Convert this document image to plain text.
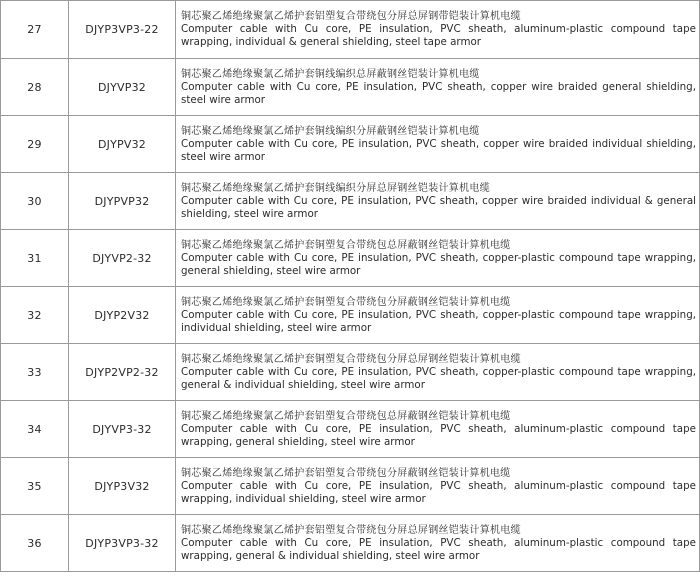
27	DJYP3VP3-22	铜芯聚乙烯绝缘聚氯乙烯护套铝塑复合带绕包分屏总屏钢带铠装计算机电缆
Computer cable with Cu core, PE insulation, PVC sheath, aluminum-plastic compound tape wrapping, individual & general shielding, steel tape armor

28	DJYVP32	铜芯聚乙烯绝缘聚氯乙烯护套铜线编织总屏蔽钢丝铠装计算机电缆
Computer cable with Cu core, PE insulation, PVC sheath, copper wire braided general shielding, steel wire armor

29	DJYPV32	铜芯聚乙烯绝缘聚氯乙烯护套铜线编织分屏蔽钢丝铠装计算机电缆
Computer cable with Cu core, PE insulation, PVC sheath, copper wire braided individual shielding, steel wire armor

30	DJYPVP32	铜芯聚乙烯绝缘聚氯乙烯护套铜线编织分屏总屏钢丝铠装计算机电缆
Computer cable with Cu core, PE insulation, PVC sheath, copper wire braided individual & general shielding, steel wire armor

31	DJYVP2-32	铜芯聚乙烯绝缘聚氯乙烯护套铜塑复合带绕包总屏蔽钢丝铠装计算机电缆
Computer cable with Cu core, PE insulation, PVC sheath, copper-plastic compound tape wrapping, general shielding, steel wire armor

32	DJYP2V32	铜芯聚乙烯绝缘聚氯乙烯护套铜塑复合带绕包分屏蔽钢丝铠装计算机电缆
Computer cable with Cu core, PE insulation, PVC sheath, copper-plastic compound tape wrapping, individual shielding, steel wire armor

33	DJYP2VP2-32	铜芯聚乙烯绝缘聚氯乙烯护套铜塑复合带绕包分屏总屏钢丝铠装计算机电缆
Computer cable with Cu core, PE insulation, PVC sheath, copper-plastic compound tape wrapping, general & individual shielding, steel wire armor

34	DJYVP3-32	铜芯聚乙烯绝缘聚氯乙烯护套铝塑复合带绕包总屏蔽钢丝铠装计算机电缆
Computer cable with Cu core, PE insulation, PVC sheath, aluminum-plastic compound tape wrapping, general shielding, steel wire armor

35	DJYP3V32	铜芯聚乙烯绝缘聚氯乙烯护套铝塑复合带绕包分屏蔽钢丝铠装计算机电缆
Computer cable with Cu core, PE insulation, PVC sheath, aluminum-plastic compound tape wrapping, individual shielding, steel wire armor

36	DJYP3VP3-32	铜芯聚乙烯绝缘聚氯乙烯护套铝塑复合带绕包分屏总屏钢丝铠装计算机电缆
Computer cable with Cu core, PE insulation, PVC sheath, aluminum-plastic compound tape wrapping, general & individual shielding, steel wire armor
